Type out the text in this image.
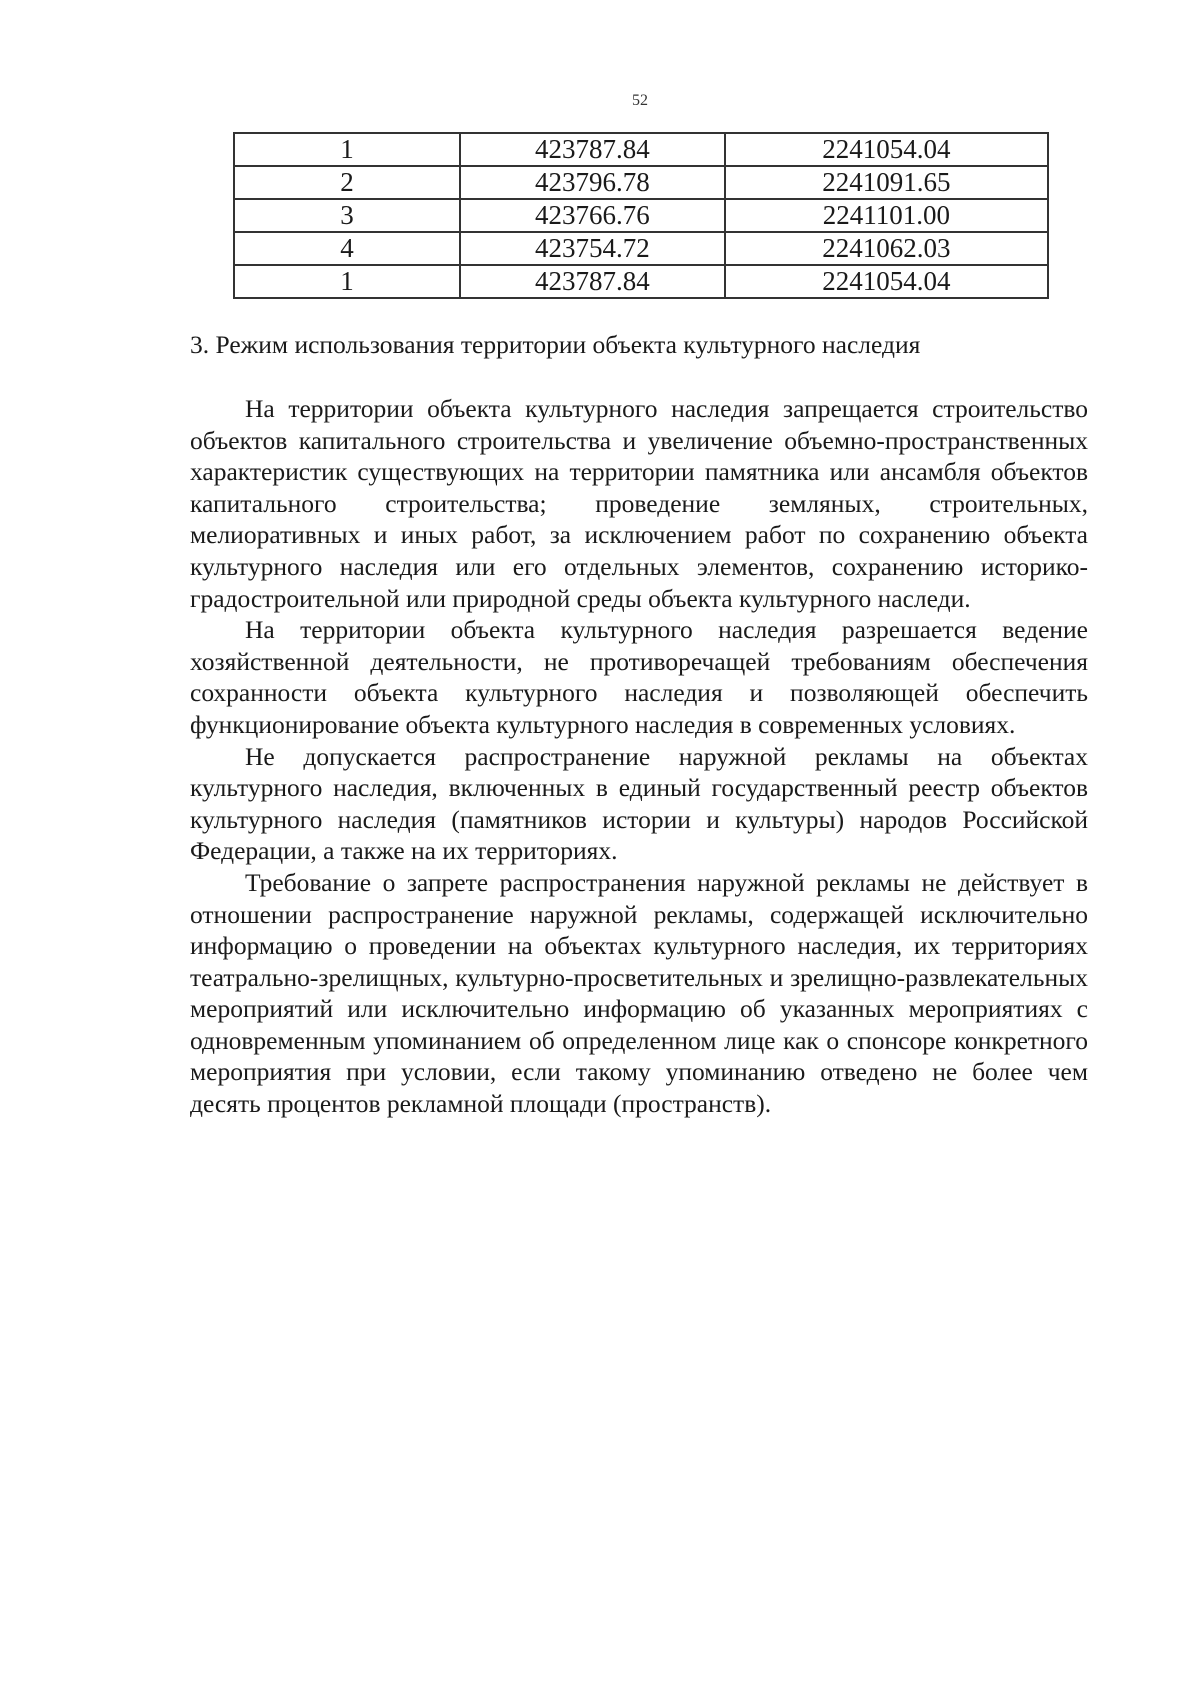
52
1	423787.84	2241054.04
2	423796.78	2241091.65
3	423766.76	2241101.00
4	423754.72	2241062.03
1	423787.84	2241054.04
3. Режим использования территории объекта культурного наследия

На территории объекта культурного наследия запрещается строительство объектов капитального строительства и увеличение объемно-пространственных характеристик существующих на территории памятника или ансамбля объектов капитального строительства; проведение земляных, строительных, мелиоративных и иных работ, за исключением работ по сохранению объекта культурного наследия или его отдельных элементов, сохранению историко-градостроительной или природной среды объекта культурного наследи.

На территории объекта культурного наследия разрешается ведение хозяйственной деятельности, не противоречащей требованиям обеспечения сохранности объекта культурного наследия и позволяющей обеспечить функционирование объекта культурного наследия в современных условиях.

Не допускается распространение наружной рекламы на объектах культурного наследия, включенных в единый государственный реестр объектов культурного наследия (памятников истории и культуры) народов Российской Федерации, а также на их территориях.

Требование о запрете распространения наружной рекламы не действует в отношении распространение наружной рекламы, содержащей исключительно информацию о проведении на объектах культурного наследия, их территориях театрально-зрелищных, культурно-просветительных и зрелищно-развлекательных мероприятий или исключительно информацию об указанных мероприятиях с одновременным упоминанием об определенном лице как о спонсоре конкретного мероприятия при условии, если такому упоминанию отведено не более чем десять процентов рекламной площади (пространств).
